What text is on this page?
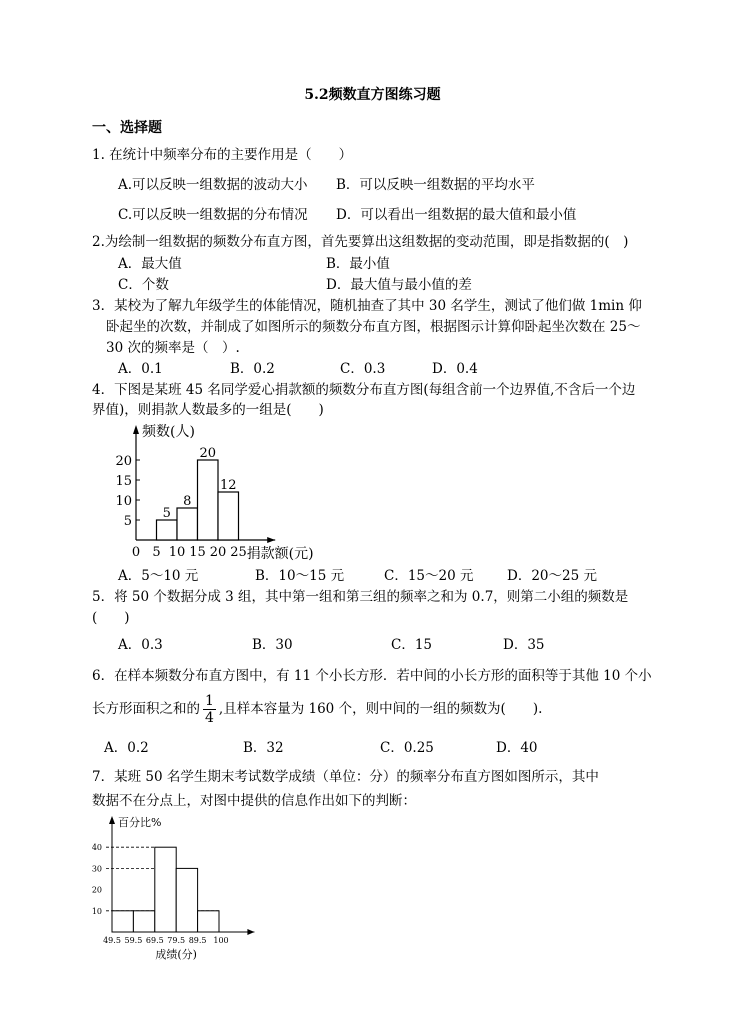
5.2频数直方图练习题
一、选择题
1. 在统计中频率分布的主要作用是（　　）
A.可以反映一组数据的波动大小 B．可以反映一组数据的平均水平
C.可以反映一组数据的分布情况 D．可以看出一组数据的最大值和最小值
2.为绘制一组数据的频数分布直方图，首先要算出这组数据的变动范围，即是指数据的(　)
A．最大值	B．最小值
C．个数	D．最大值与最小值的差
3．某校为了解九年级学生的体能情况，随机抽查了其中 30 名学生，测试了他们做 1min 仰
卧起坐的次数，并制成了如图所示的频数分布直方图，根据图示计算仰卧起坐次数在 25～
30 次的频率是（　）.
A．0.1	B．0.2	C．0.3	D．0.4
4．下图是某班 45 名同学爱心捐款额的频数分布直方图(每组含前一个边界值,不含后一个边
界值)，则捐款人数最多的一组是(　　)
频数(人)
捐款额(元)
0 5 10 15 20 25
5
10
15
20
5
8
20
12
A．5～10 元	B．10～15 元	C．15～20 元 D．20～25 元
5．将 50 个数据分成 3 组，其中第一组和第三组的频率之和为 0.7，则第二小组的频数是
(　　)
A．0.3	B．30	C．15	D．35
6．在样本频数分布直方图中，有 11 个小长方形．若中间的小长方形的面积等于其他 10 个小
长方形面积之和的 $\frac{1}{4}$ ,且样本容量为 160 个，则中间的一组的频数为(　　).
A．0.2	B．32	C．0.25	D．40
7．某班 50 名学生期末考试数学成绩（单位：分）的频率分布直方图如图所示，其中
数据不在分点上，对图中提供的信息作出如下的判断：
百分比%
成绩(分)
49.5 59.5 69.5 79.5 89.5 100
10
20
30
40
